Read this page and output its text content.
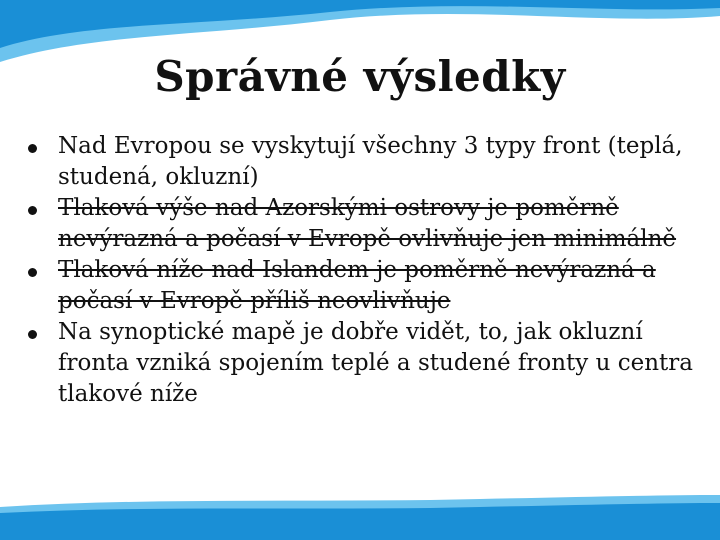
Správné výsledky
Nad Evropou se vyskytují všechny 3 typy front (teplá, studená, okluzní)
Tlaková výše nad Azorskými ostrovy je poměrně nevýrazná a počasí v Evropě ovlivňuje jen minimálně
Tlaková níže nad Islandem je poměrně nevýrazná a počasí v Evropě příliš neovlivňuje
Na synoptické mapě je dobře vidět, to, jak okluzní fronta vzniká spojením teplé a studené fronty u centra tlakové níže
